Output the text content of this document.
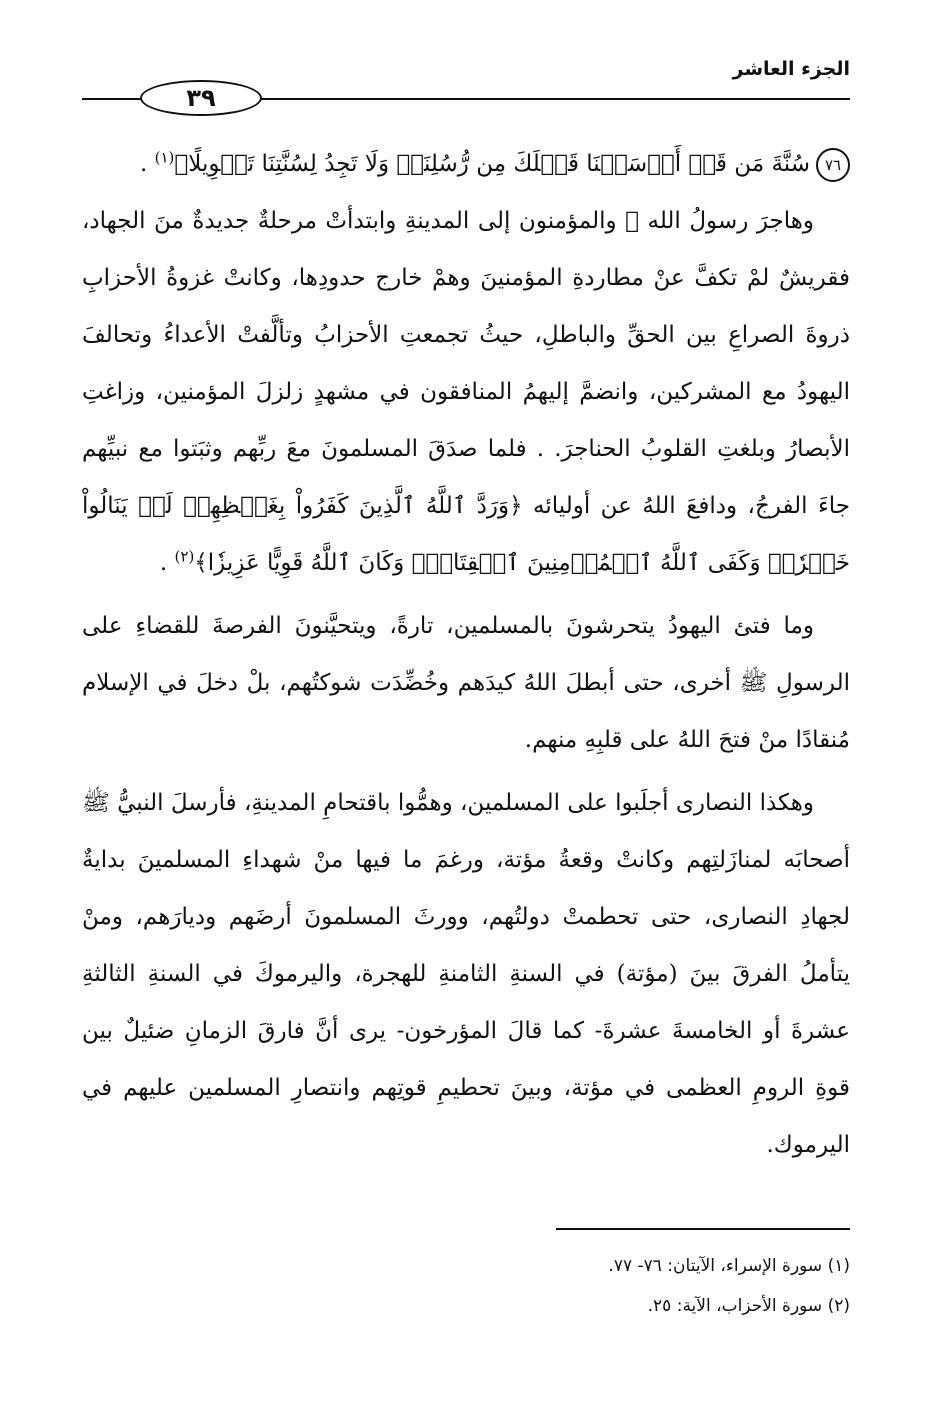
الجزء العاشر
٣٩

٧٦سُنَّةَ مَن قَدۡ أَرۡسَلۡنَا قَبۡلَكَ مِن رُّسُلِنَاۖ وَلَا تَجِدُ لِسُنَّتِنَا تَحۡوِيلًا﴾$^{(١)}$ .

وهاجرَ رسولُ الله ﷺ والمؤمنون إلى المدينةِ وابتدأتْ مرحلةٌ جديدةٌ منَ الجهاد، فقريشٌ لمْ تكفَّ عنْ مطاردةِ المؤمنينَ وهمْ خارج حدودِها، وكانتْ غزوةُ الأحزابِ ذروةَ الصراعِ بين الحقِّ والباطلِ، حيثُ تجمعتِ الأحزابُ وتألَّفتْ الأعداءُ وتحالفَ اليهودُ مع المشركين، وانضمَّ إليهمُ المنافقون في مشهدٍ زلزلَ المؤمنين، وزاغتِ الأبصارُ وبلغتِ القلوبُ الحناجرَ. . فلما صدَقَ المسلمونَ معَ ربِّهم وثبَتوا مع نبيِّهم جاءَ الفرجُ، ودافعَ اللهُ عن أوليائه ﴿وَرَدَّ ٱللَّهُ ٱلَّذِينَ كَفَرُواْ بِغَيۡظِهِمۡ لَمۡ يَنَالُواْ خَيۡرٗاۚ وَكَفَى ٱللَّهُ ٱلۡمُؤۡمِنِينَ ٱلۡقِتَالَۚ وَكَانَ ٱللَّهُ قَوِيًّا عَزِيزٗا﴾$^{(٢)}$ .

وما فتئ اليهودُ يتحرشونَ بالمسلمين، تارةً، ويتحيَّنونَ الفرصةَ للقضاءِ على الرسولِ ﷺ أخرى، حتى أبطلَ اللهُ كيدَهم وخُضِّدَت شوكتُهم، بلْ دخلَ في الإسلام مُنقادًا منْ فتحَ اللهُ على قلبِهِ منهم.

وهكذا النصارى أجلَبوا على المسلمين، وهمُّوا باقتحامِ المدينةِ، فأرسلَ النبيُّ ﷺ أصحابَه لمنازَلتِهم وكانتْ وقعةُ مؤتة، ورغمَ ما فيها منْ شهداءِ المسلمينَ بدايةٌ لجهادِ النصارى، حتى تحطمتْ دولتُهم، وورثَ المسلمونَ أرضَهم وديارَهم، ومنْ يتأملُ الفرقَ بينَ (مؤتة) في السنةِ الثامنةِ للهجرة، واليرموكَ في السنةِ الثالثةِ عشرةَ أو الخامسةَ عشرةَ- كما قالَ المؤرخون- يرى أنَّ فارقَ الزمانِ ضئيلٌ بين قوةِ الرومِ العظمى في مؤتة، وبينَ تحطيمِ قوتِهم وانتصارِ المسلمين عليهم في اليرموك.

(١) سورة الإسراء، الآيتان: ٧٦- ٧٧.

(٢) سورة الأحزاب، الآية: ٢٥.
